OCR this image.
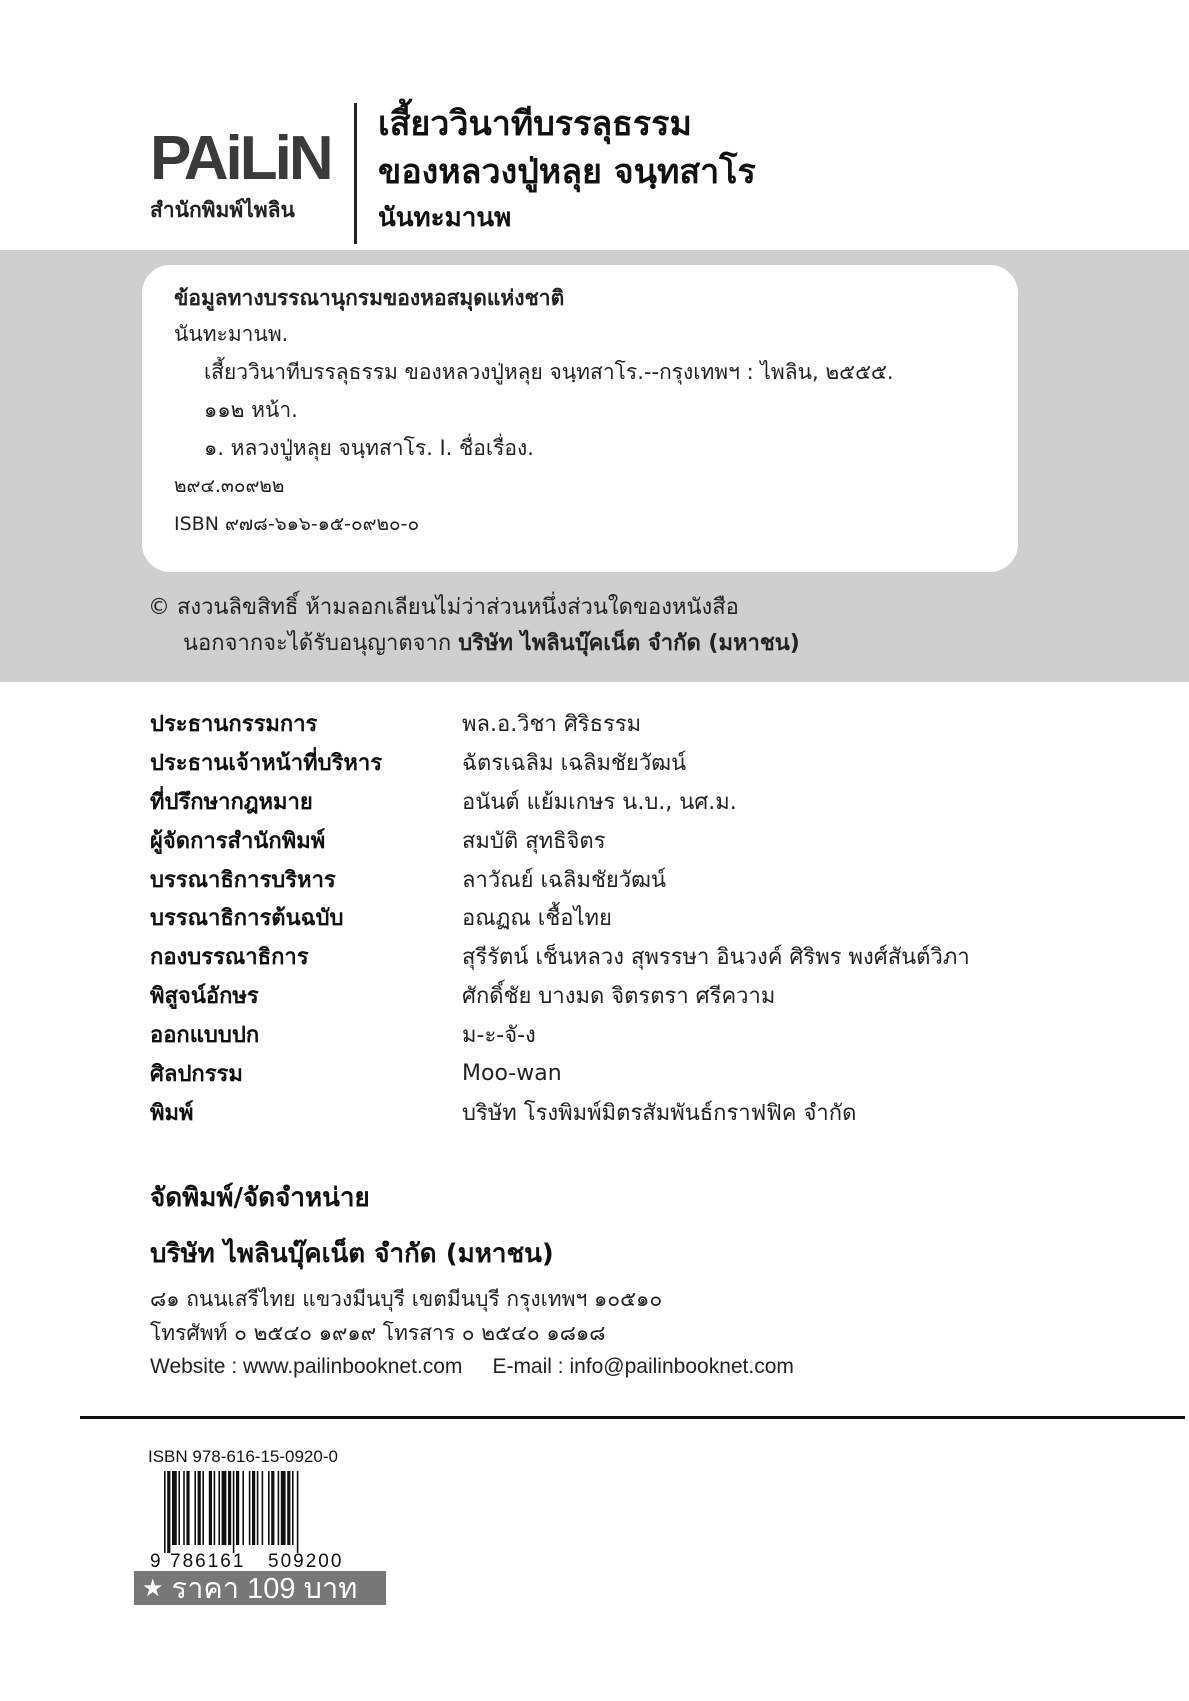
PAiLiN
สำนักพิมพ์ไพลิน
เสี้ยววินาทีบรรลุธรรม
ของหลวงปู่หลุย จนฺทสาโร
นันทะมานพ
ข้อมูลทางบรรณานุกรมของหอสมุดแห่งชาติ
นันทะมานพ.
เสี้ยววินาทีบรรลุธรรม ของหลวงปู่หลุย จนฺทสาโร.--กรุงเทพฯ : ไพลิน, ๒๕๕๕.
๑๑๒ หน้า.
๑. หลวงปู่หลุย จนฺทสาโร. I. ชื่อเรื่อง.
๒๙๔.๓๐๙๒๒
ISBN ๙๗๘-๖๑๖-๑๕-๐๙๒๐-๐
© สงวนลิขสิทธิ์ ห้ามลอกเลียนไม่ว่าส่วนหนึ่งส่วนใดของหนังสือ
นอกจากจะได้รับอนุญาตจาก บริษัท ไพลินบุ๊คเน็ต จำกัด (มหาชน)
ประธานกรรมการ	พล.อ.วิชา ศิริธรรม
ประธานเจ้าหน้าที่บริหาร	ฉัตรเฉลิม เฉลิมชัยวัฒน์
ที่ปรึกษากฎหมาย	อนันต์ แย้มเกษร น.บ., นศ.ม.
ผู้จัดการสำนักพิมพ์	สมบัติ สุทธิจิตร
บรรณาธิการบริหาร	ลาวัณย์ เฉลิมชัยวัฒน์
บรรณาธิการต้นฉบับ	อณฏณ เชื้อไทย
กองบรรณาธิการ	สุรีรัตน์ เช็นหลวง สุพรรษา อินวงค์ ศิริพร พงศ์สันต์วิภา
พิสูจน์อักษร	ศักดิ์ชัย บางมด จิตรตรา ศรีความ
ออกแบบปก	ม-ะ-จั-ง
ศิลปกรรม	Moo-wan
พิมพ์	บริษัท โรงพิมพ์มิตรสัมพันธ์กราฟฟิค จำกัด
จัดพิมพ์/จัดจำหน่าย
บริษัท ไพลินบุ๊คเน็ต จำกัด (มหาชน)
๘๑ ถนนเสรีไทย แขวงมีนบุรี เขตมีนบุรี กรุงเทพฯ ๑๐๕๑๐
โทรศัพท์ ๐ ๒๕๔๐ ๑๙๑๙ โทรสาร ๐ ๒๕๔๐ ๑๘๑๘
Website : www.pailinbooknet.com E-mail : info@pailinbooknet.com
ISBN 978-616-15-0920-0
9 786161 509200
★ ราคา 109 บาท
